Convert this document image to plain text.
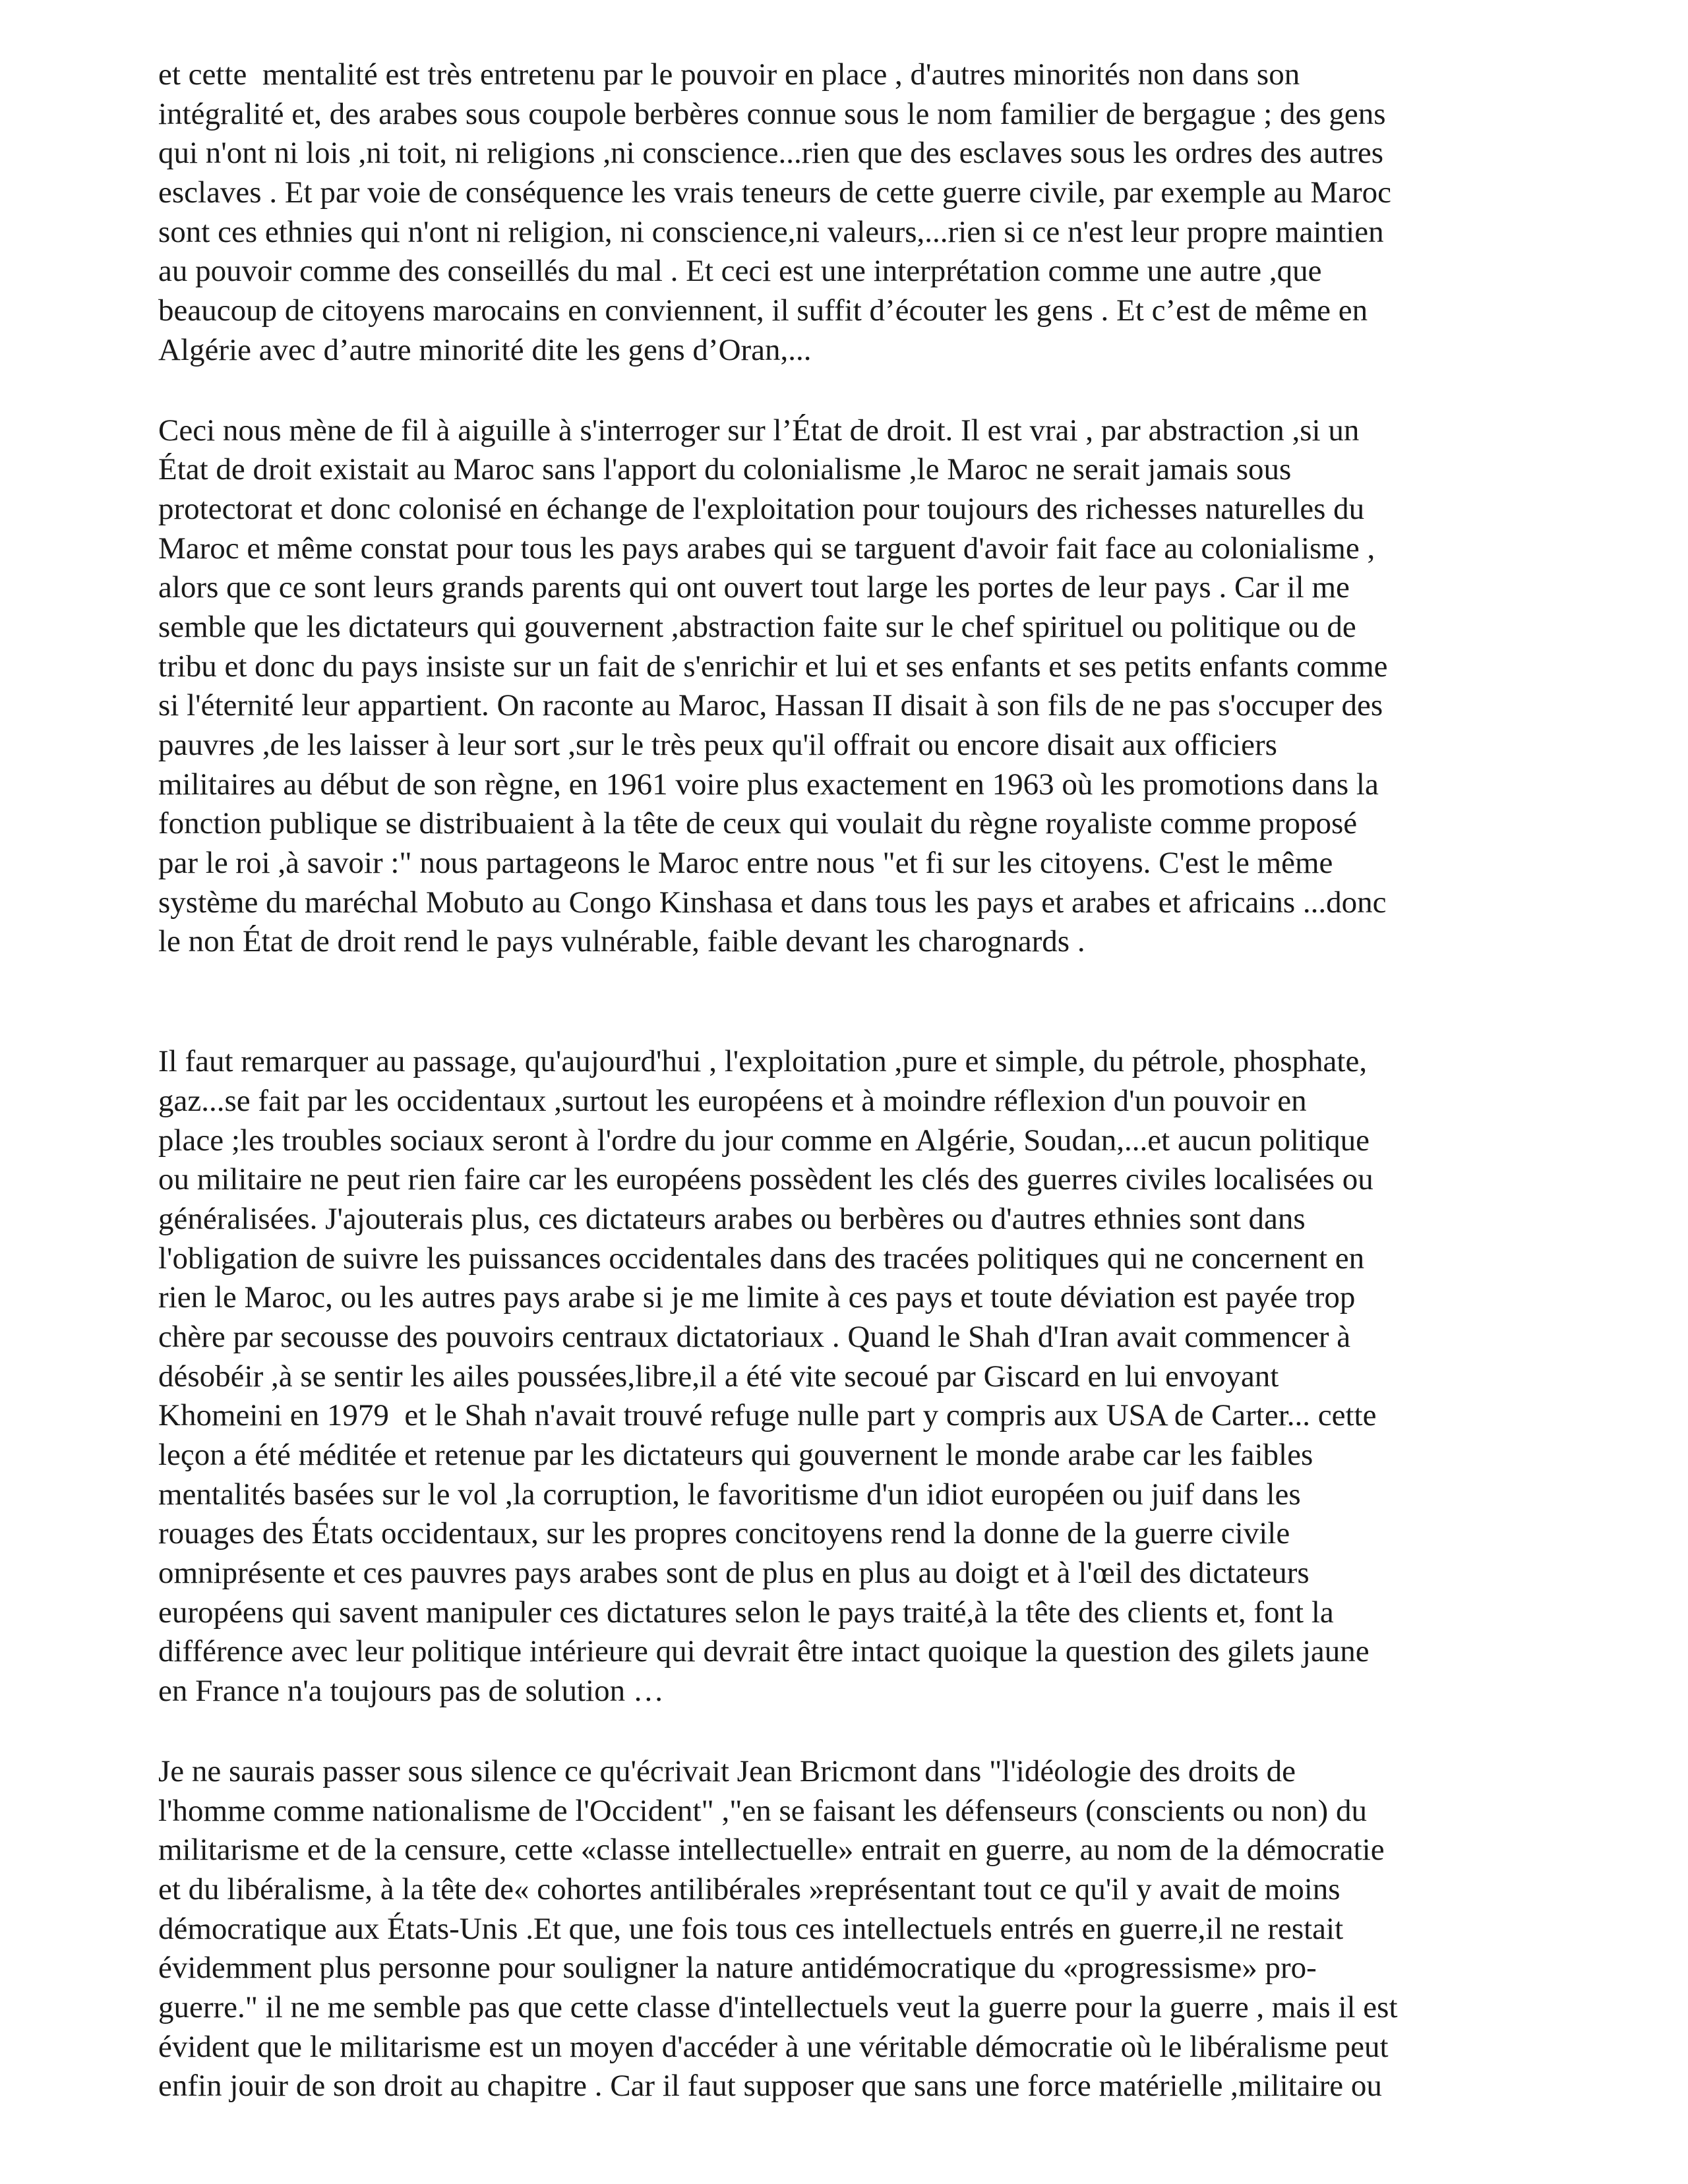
et cette  mentalité est très entretenu par le pouvoir en place , d'autres minorités non dans son
intégralité et, des arabes sous coupole berbères connue sous le nom familier de bergague ; des gens
qui n'ont ni lois ,ni toit, ni religions ,ni conscience...rien que des esclaves sous les ordres des autres
esclaves . Et par voie de conséquence les vrais teneurs de cette guerre civile, par exemple au Maroc
sont ces ethnies qui n'ont ni religion, ni conscience,ni valeurs,...rien si ce n'est leur propre maintien
au pouvoir comme des conseillés du mal . Et ceci est une interprétation comme une autre ,que
beaucoup de citoyens marocains en conviennent, il suffit d’écouter les gens . Et c’est de même en
Algérie avec d’autre minorité dite les gens d’Oran,...
Ceci nous mène de fil à aiguille à s'interroger sur l’État de droit. Il est vrai , par abstraction ,si un
État de droit existait au Maroc sans l'apport du colonialisme ,le Maroc ne serait jamais sous
protectorat et donc colonisé en échange de l'exploitation pour toujours des richesses naturelles du
Maroc et même constat pour tous les pays arabes qui se targuent d'avoir fait face au colonialisme ,
alors que ce sont leurs grands parents qui ont ouvert tout large les portes de leur pays . Car il me
semble que les dictateurs qui gouvernent ,abstraction faite sur le chef spirituel ou politique ou de
tribu et donc du pays insiste sur un fait de s'enrichir et lui et ses enfants et ses petits enfants comme
si l'éternité leur appartient. On raconte au Maroc, Hassan II disait à son fils de ne pas s'occuper des
pauvres ,de les laisser à leur sort ,sur le très peux qu'il offrait ou encore disait aux officiers
militaires au début de son règne, en 1961 voire plus exactement en 1963 où les promotions dans la
fonction publique se distribuaient à la tête de ceux qui voulait du règne royaliste comme proposé
par le roi ,à savoir :" nous partageons le Maroc entre nous "et fi sur les citoyens. C'est le même
système du maréchal Mobuto au Congo Kinshasa et dans tous les pays et arabes et africains ...donc
le non État de droit rend le pays vulnérable, faible devant les charognards .
Il faut remarquer au passage, qu'aujourd'hui , l'exploitation ,pure et simple, du pétrole, phosphate,
gaz...se fait par les occidentaux ,surtout les européens et à moindre réflexion d'un pouvoir en
place ;les troubles sociaux seront à l'ordre du jour comme en Algérie, Soudan,...et aucun politique
ou militaire ne peut rien faire car les européens possèdent les clés des guerres civiles localisées ou
généralisées. J'ajouterais plus, ces dictateurs arabes ou berbères ou d'autres ethnies sont dans
l'obligation de suivre les puissances occidentales dans des tracées politiques qui ne concernent en
rien le Maroc, ou les autres pays arabe si je me limite à ces pays et toute déviation est payée trop
chère par secousse des pouvoirs centraux dictatoriaux . Quand le Shah d'Iran avait commencer à
désobéir ,à se sentir les ailes poussées,libre,il a été vite secoué par Giscard en lui envoyant
Khomeini en 1979  et le Shah n'avait trouvé refuge nulle part y compris aux USA de Carter... cette
leçon a été méditée et retenue par les dictateurs qui gouvernent le monde arabe car les faibles
mentalités basées sur le vol ,la corruption, le favoritisme d'un idiot européen ou juif dans les
rouages des États occidentaux, sur les propres concitoyens rend la donne de la guerre civile
omniprésente et ces pauvres pays arabes sont de plus en plus au doigt et à l'œil des dictateurs
européens qui savent manipuler ces dictatures selon le pays traité,à la tête des clients et, font la
différence avec leur politique intérieure qui devrait être intact quoique la question des gilets jaune
en France n'a toujours pas de solution …
Je ne saurais passer sous silence ce qu'écrivait Jean Bricmont dans "l'idéologie des droits de
l'homme comme nationalisme de l'Occident" ,"en se faisant les défenseurs (conscients ou non) du
militarisme et de la censure, cette «classe intellectuelle» entrait en guerre, au nom de la démocratie
et du libéralisme, à la tête de« cohortes antilibérales »représentant tout ce qu'il y avait de moins
démocratique aux États-Unis .Et que, une fois tous ces intellectuels entrés en guerre,il ne restait
évidemment plus personne pour souligner la nature antidémocratique du «progressisme» pro-
guerre." il ne me semble pas que cette classe d'intellectuels veut la guerre pour la guerre , mais il est
évident que le militarisme est un moyen d'accéder à une véritable démocratie où le libéralisme peut
enfin jouir de son droit au chapitre . Car il faut supposer que sans une force matérielle ,militaire ou
